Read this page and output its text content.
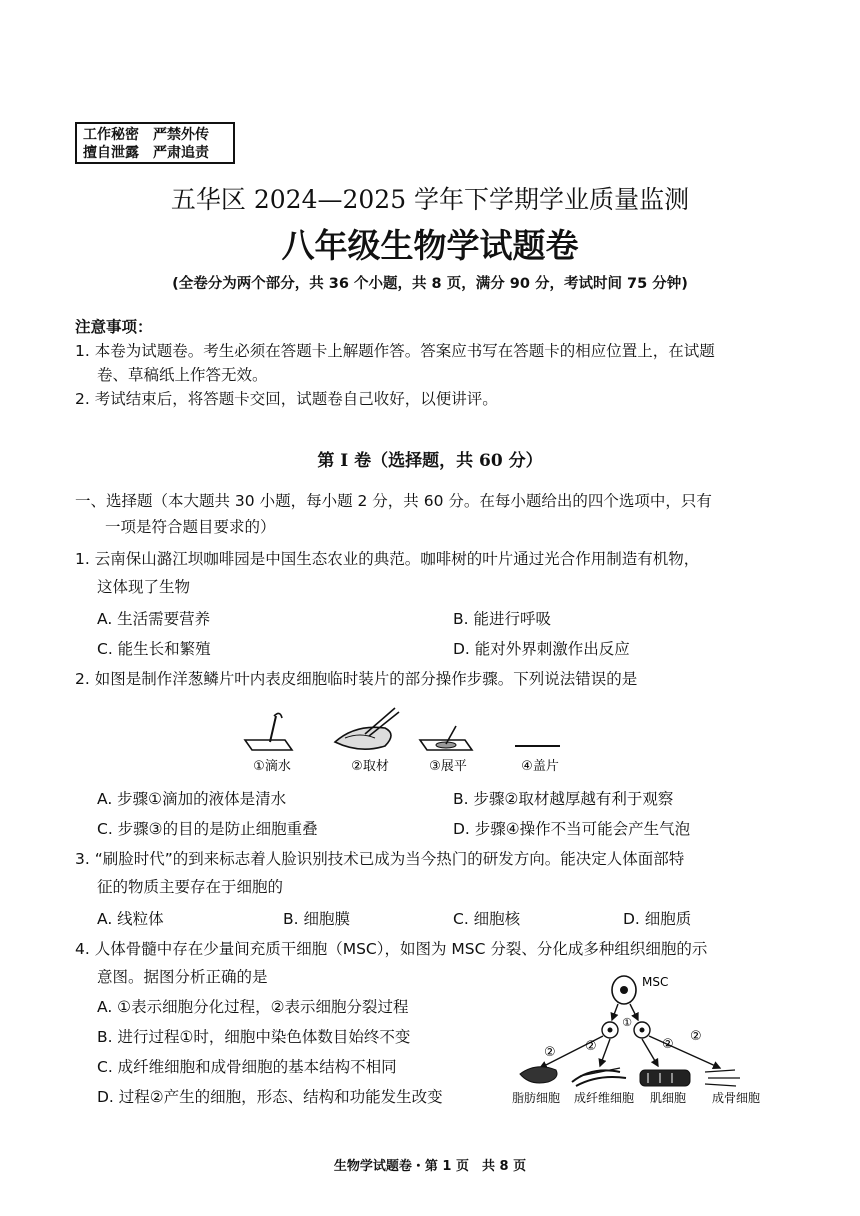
工作秘密　严禁外传
擅自泄露　严肃追责
五华区 2024—2025 学年下学期学业质量监测
八年级生物学试题卷
(全卷分为两个部分，共 36 个小题，共 8 页，满分 90 分，考试时间 75 分钟)
注意事项：
1. 本卷为试题卷。考生必须在答题卡上解题作答。答案应书写在答题卡的相应位置上，在试题
卷、草稿纸上作答无效。
2. 考试结束后，将答题卡交回，试题卷自己收好，以便讲评。
第 I 卷（选择题，共 60 分）
一、选择题（本大题共 30 小题，每小题 2 分，共 60 分。在每小题给出的四个选项中，只有
一项是符合题目要求的）
1. 云南保山潞江坝咖啡园是中国生态农业的典范。咖啡树的叶片通过光合作用制造有机物，
这体现了生物
A. 生活需要营养	B. 能进行呼吸
C. 能生长和繁殖	D. 能对外界刺激作出反应
2. 如图是制作洋葱鳞片叶内表皮细胞临时装片的部分操作步骤。下列说法错误的是
①滴水	②取材	③展平	④盖片
A. 步骤①滴加的液体是清水	B. 步骤②取材越厚越有利于观察
C. 步骤③的目的是防止细胞重叠	D. 步骤④操作不当可能会产生气泡
3. “刷脸时代”的到来标志着人脸识别技术已成为当今热门的研发方向。能决定人体面部特
征的物质主要存在于细胞的
A. 线粒体	B. 细胞膜	C. 细胞核	D. 细胞质
4. 人体骨髓中存在少量间充质干细胞（MSC），如图为 MSC 分裂、分化成多种组织细胞的示
意图。据图分析正确的是
A. ①表示细胞分化过程，②表示细胞分裂过程
B. 进行过程①时，细胞中染色体数目始终不变
C. 成纤维细胞和成骨细胞的基本结构不相同
D. 过程②产生的细胞，形态、结构和功能发生改变
MSC
①
② ②	②
②
脂肪细胞 成纤维细胞 肌细胞 成骨细胞
生物学试题卷・第 1 页　共 8 页
